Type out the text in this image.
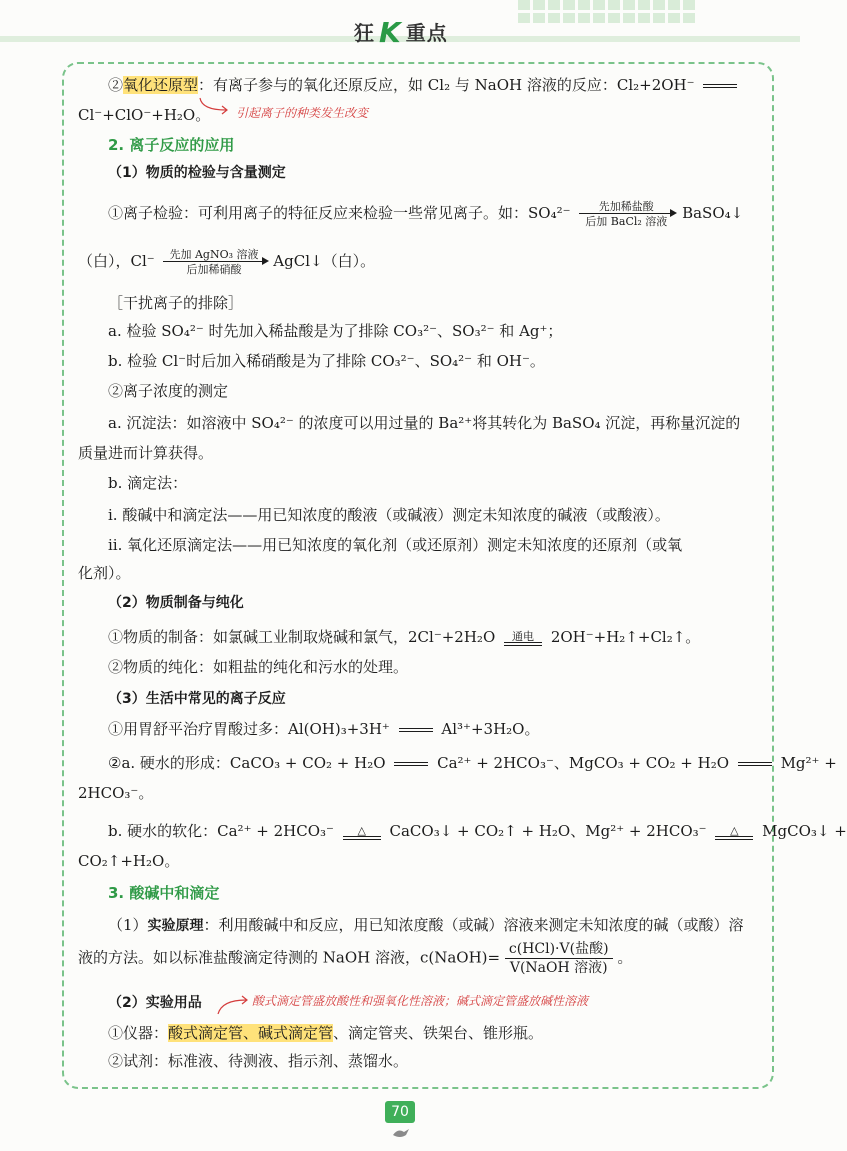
狂 K 重点
②氧化还原型：有离子参与的氧化还原反应，如 Cl₂ 与 NaOH 溶液的反应：Cl₂+2OH⁻
Cl⁻+ClO⁻+H₂O。 引起离子的种类发生改变
2. 离子反应的应用
（1）物质的检验与含量测定
①离子检验：可利用离子的特征反应来检验一些常见离子。如：SO₄²⁻	先加稀盐酸
后加 BaCl₂ 溶液 BaSO₄↓
（白），Cl⁻	先加 AgNO₃ 溶液
后加稀硝酸	AgCl↓（白）。
［干扰离子的排除］
a. 检验 SO₄²⁻ 时先加入稀盐酸是为了排除 CO₃²⁻、SO₃²⁻ 和 Ag⁺；
b. 检验 Cl⁻时后加入稀硝酸是为了排除 CO₃²⁻、SO₄²⁻ 和 OH⁻。
②离子浓度的测定
a. 沉淀法：如溶液中 SO₄²⁻ 的浓度可以用过量的 Ba²⁺将其转化为 BaSO₄ 沉淀，再称量沉淀的
质量进而计算获得。
b. 滴定法：
ⅰ. 酸碱中和滴定法——用已知浓度的酸液（或碱液）测定未知浓度的碱液（或酸液）。
ⅱ. 氧化还原滴定法——用已知浓度的氧化剂（或还原剂）测定未知浓度的还原剂（或氧
化剂）。
（2）物质制备与纯化
①物质的制备：如氯碱工业制取烧碱和氯气，2Cl⁻+2H₂O	通电	2OH⁻+H₂↑+Cl₂↑。
②物质的纯化：如粗盐的纯化和污水的处理。
（3）生活中常见的离子反应
①用胃舒平治疗胃酸过多：Al(OH)₃+3H⁺	Al³⁺+3H₂O。
②a. 硬水的形成：CaCO₃ + CO₂ + H₂O	Ca²⁺ + 2HCO₃⁻、MgCO₃ + CO₂ + H₂O	Mg²⁺ +
2HCO₃⁻。
b. 硬水的软化：Ca²⁺ + 2HCO₃⁻	△	CaCO₃↓ + CO₂↑ + H₂O、Mg²⁺ + 2HCO₃⁻	△	MgCO₃↓ +
CO₂↑+H₂O。
3. 酸碱中和滴定
（1）实验原理：利用酸碱中和反应，用已知浓度酸（或碱）溶液来测定未知浓度的碱（或酸）溶
液的方法。如以标准盐酸滴定待测的 NaOH 溶液，c(NaOH)= $\frac{\text{c(HCl)·V(盐酸)}}{\text{V(NaOH 溶液)}}$ 。
（2）实验用品	酸式滴定管盛放酸性和强氧化性溶液；碱式滴定管盛放碱性溶液
①仪器：酸式滴定管、碱式滴定管、滴定管夹、铁架台、锥形瓶。
②试剂：标准液、待测液、指示剂、蒸馏水。
70
